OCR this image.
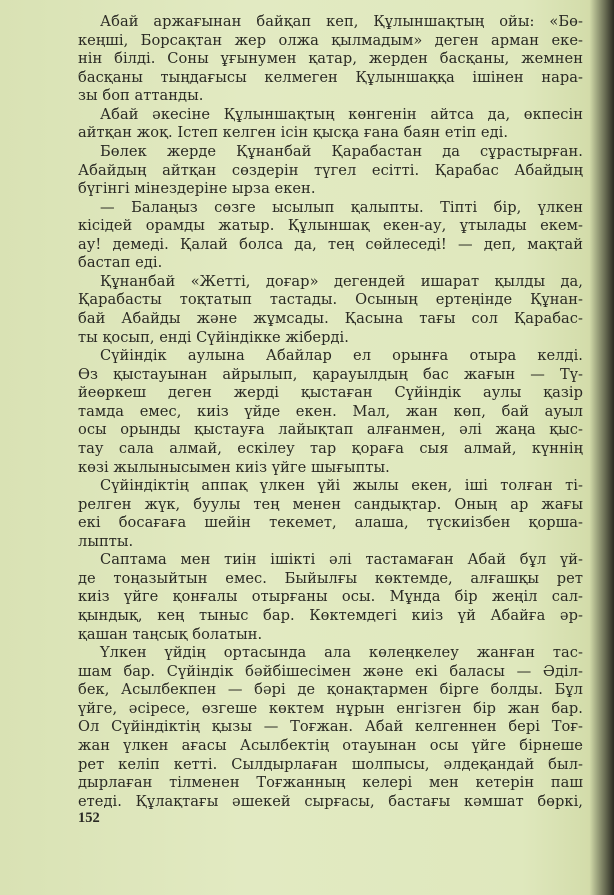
Абай аржағынан байқап кеп, Құлыншақтың ойы: «Бө-
кеңші, Борсақтан жер олжа қылмадым» деген арман еке-
нін білді. Соны ұғынумен қатар, жерден басқаны, жемнен
басқаны тыңдағысы келмеген Құлыншаққа ішінен нара-
зы боп аттанды.
Абай әкесіне Құлыншақтың көнгенін айтса да, өкпесін
айтқан жоқ. Істеп келген ісін қысқа ғана баян етіп еді.
Бөлек жерде Құнанбай Қарабастан да сұрастырған.
Абайдың айтқан сөздерін түгел есітті. Қарабас Абайдың
бүгінгі мінездеріне ырза екен.
— Балаңыз сөзге ысылып қалыпты. Тіпті бір, үлкен
кісідей орамды жатыр. Құлыншақ екен-ау, ұтылады екем-
ау! демеді. Қалай болса да, тең сөйлеседі! — деп, мақтай
бастап еді.
Құнанбай «Жетті, доғар» дегендей ишарат қылды да,
Қарабасты тоқтатып тастады. Осының ертеңінде Құнан-
бай Абайды және жұмсады. Қасына тағы сол Қарабас-
ты қосып, енді Сүйіндікке жіберді.
Сүйіндік аулына Абайлар ел орынға отыра келді.
Өз қыстауынан айрылып, қарауылдың бас жағын — Тү-
йеөркеш деген жерді қыстаған Сүйіндік аулы қазір
тамда емес, киіз үйде екен. Мал, жан көп, бай ауыл
осы орынды қыстауға лайықтап алғанмен, әлі жаңа қыс-
тау сала алмай, ескілеу тар қораға сыя алмай, күннің
көзі жылынысымен киіз үйге шығыпты.
Сүйіндіктің аппақ үлкен үйі жылы екен, іші толған ті-
релген жүк, буулы тең менен сандықтар. Оның ар жағы
екі босағаға шейін текемет, алаша, түскиізбен қорша-
лыпты.
Саптама мен тиін ішікті әлі тастамаған Абай бұл үй-
де тоңазыйтын емес. Быйылғы көктемде, алғашқы рет
киіз үйге қонғалы отырғаны осы. Мұнда бір жеңіл сал-
қындық, кең тыныс бар. Көктемдегі киіз үй Абайға әр-
қашан таңсық болатын.
Үлкен үйдің ортасында ала көлеңкелеу жанған тас-
шам бар. Сүйіндік бәйбішесімен және екі баласы — Әділ-
бек, Асылбекпен — бәрі де қонақтармен бірге болды. Бұл
үйге, әсіресе, өзгеше көктем нұрын енгізген бір жан бар.
Ол Сүйіндіктің қызы — Тоғжан. Абай келгеннен бері Тоғ-
жан үлкен ағасы Асылбектің отауынан осы үйге бірнеше
рет келіп кетті. Сылдырлаған шолпысы, әлдеқандай был-
дырлаған тілменен Тоғжанның келері мен кетерін паш
етеді. Құлақтағы әшекей сырғасы, бастағы кәмшат бөркі,
152
